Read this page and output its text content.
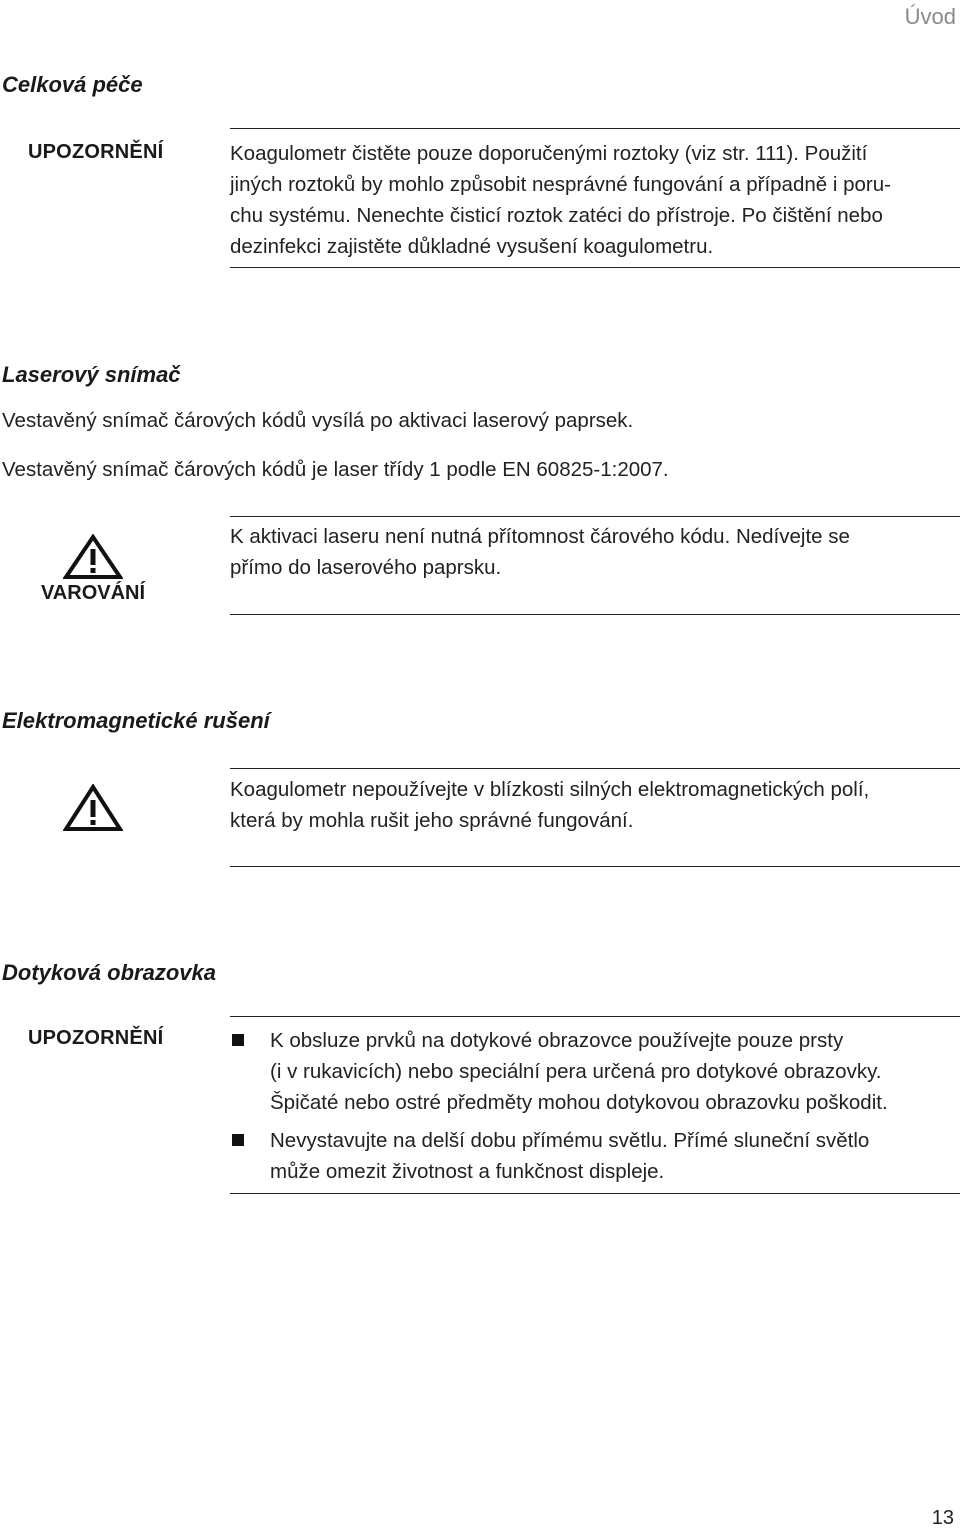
Úvod
Celková péče
UPOZORNĚNÍ	Koagulometr čistěte pouze doporučenými roztoky (viz str. 111). Použití
jiných roztoků by mohlo způsobit nesprávné fungování a případně i poru-
chu systému. Nenechte čisticí roztok zatéci do přístroje. Po čištění nebo
dezinfekci zajistěte důkladné vysušení koagulometru.
Laserový snímač
Vestavěný snímač čárových kódů vysílá po aktivaci laserový paprsek.
Vestavěný snímač čárových kódů je laser třídy 1 podle EN 60825-1:2007.
VAROVÁNÍ
K aktivaci laseru není nutná přítomnost čárového kódu. Nedívejte se
přímo do laserového paprsku.
Elektromagnetické rušení
Koagulometr nepoužívejte v blízkosti silných elektromagnetických polí,
která by mohla rušit jeho správné fungování.
Dotyková obrazovka
UPOZORNĚNÍ	K obsluze prvků na dotykové obrazovce používejte pouze prsty
(i v rukavicích) nebo speciální pera určená pro dotykové obrazovky.
Špičaté nebo ostré předměty mohou dotykovou obrazovku poškodit.
Nevystavujte na delší dobu přímému světlu. Přímé sluneční světlo
může omezit životnost a funkčnost displeje.
13
